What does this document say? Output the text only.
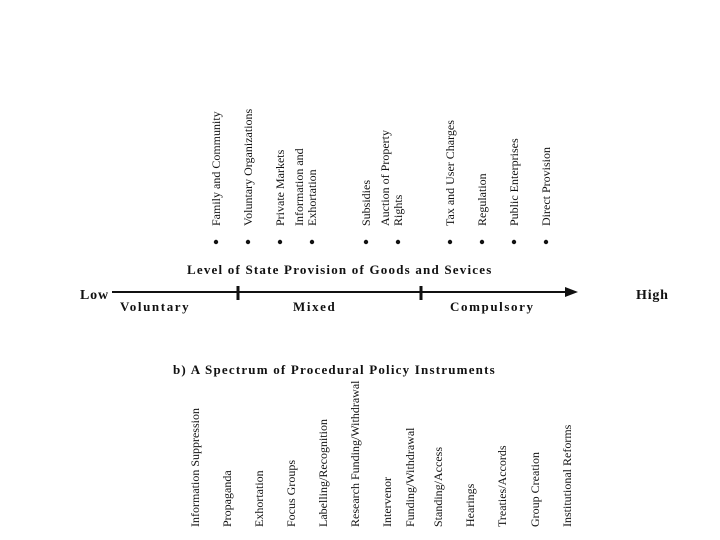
Family and Community Voluntary Organizations Private Markets Information and Exhortation	Subsidies Auction of Property Rights	Tax and User Charges Regulation Public Enterprises Direct Provision
Level of State Provision of Goods and Sevices
Low	High
Voluntary	Mixed	Compulsory
b) A Spectrum of Procedural Policy Instruments
Information Suppression Propaganda Exhortation Focus Groups Labelling/Recognition Research Funding/Withdrawal Intervenor Funding/Withdrawal Standing/Access Hearings Treaties/Accords Group Creation Institutional Reforms
